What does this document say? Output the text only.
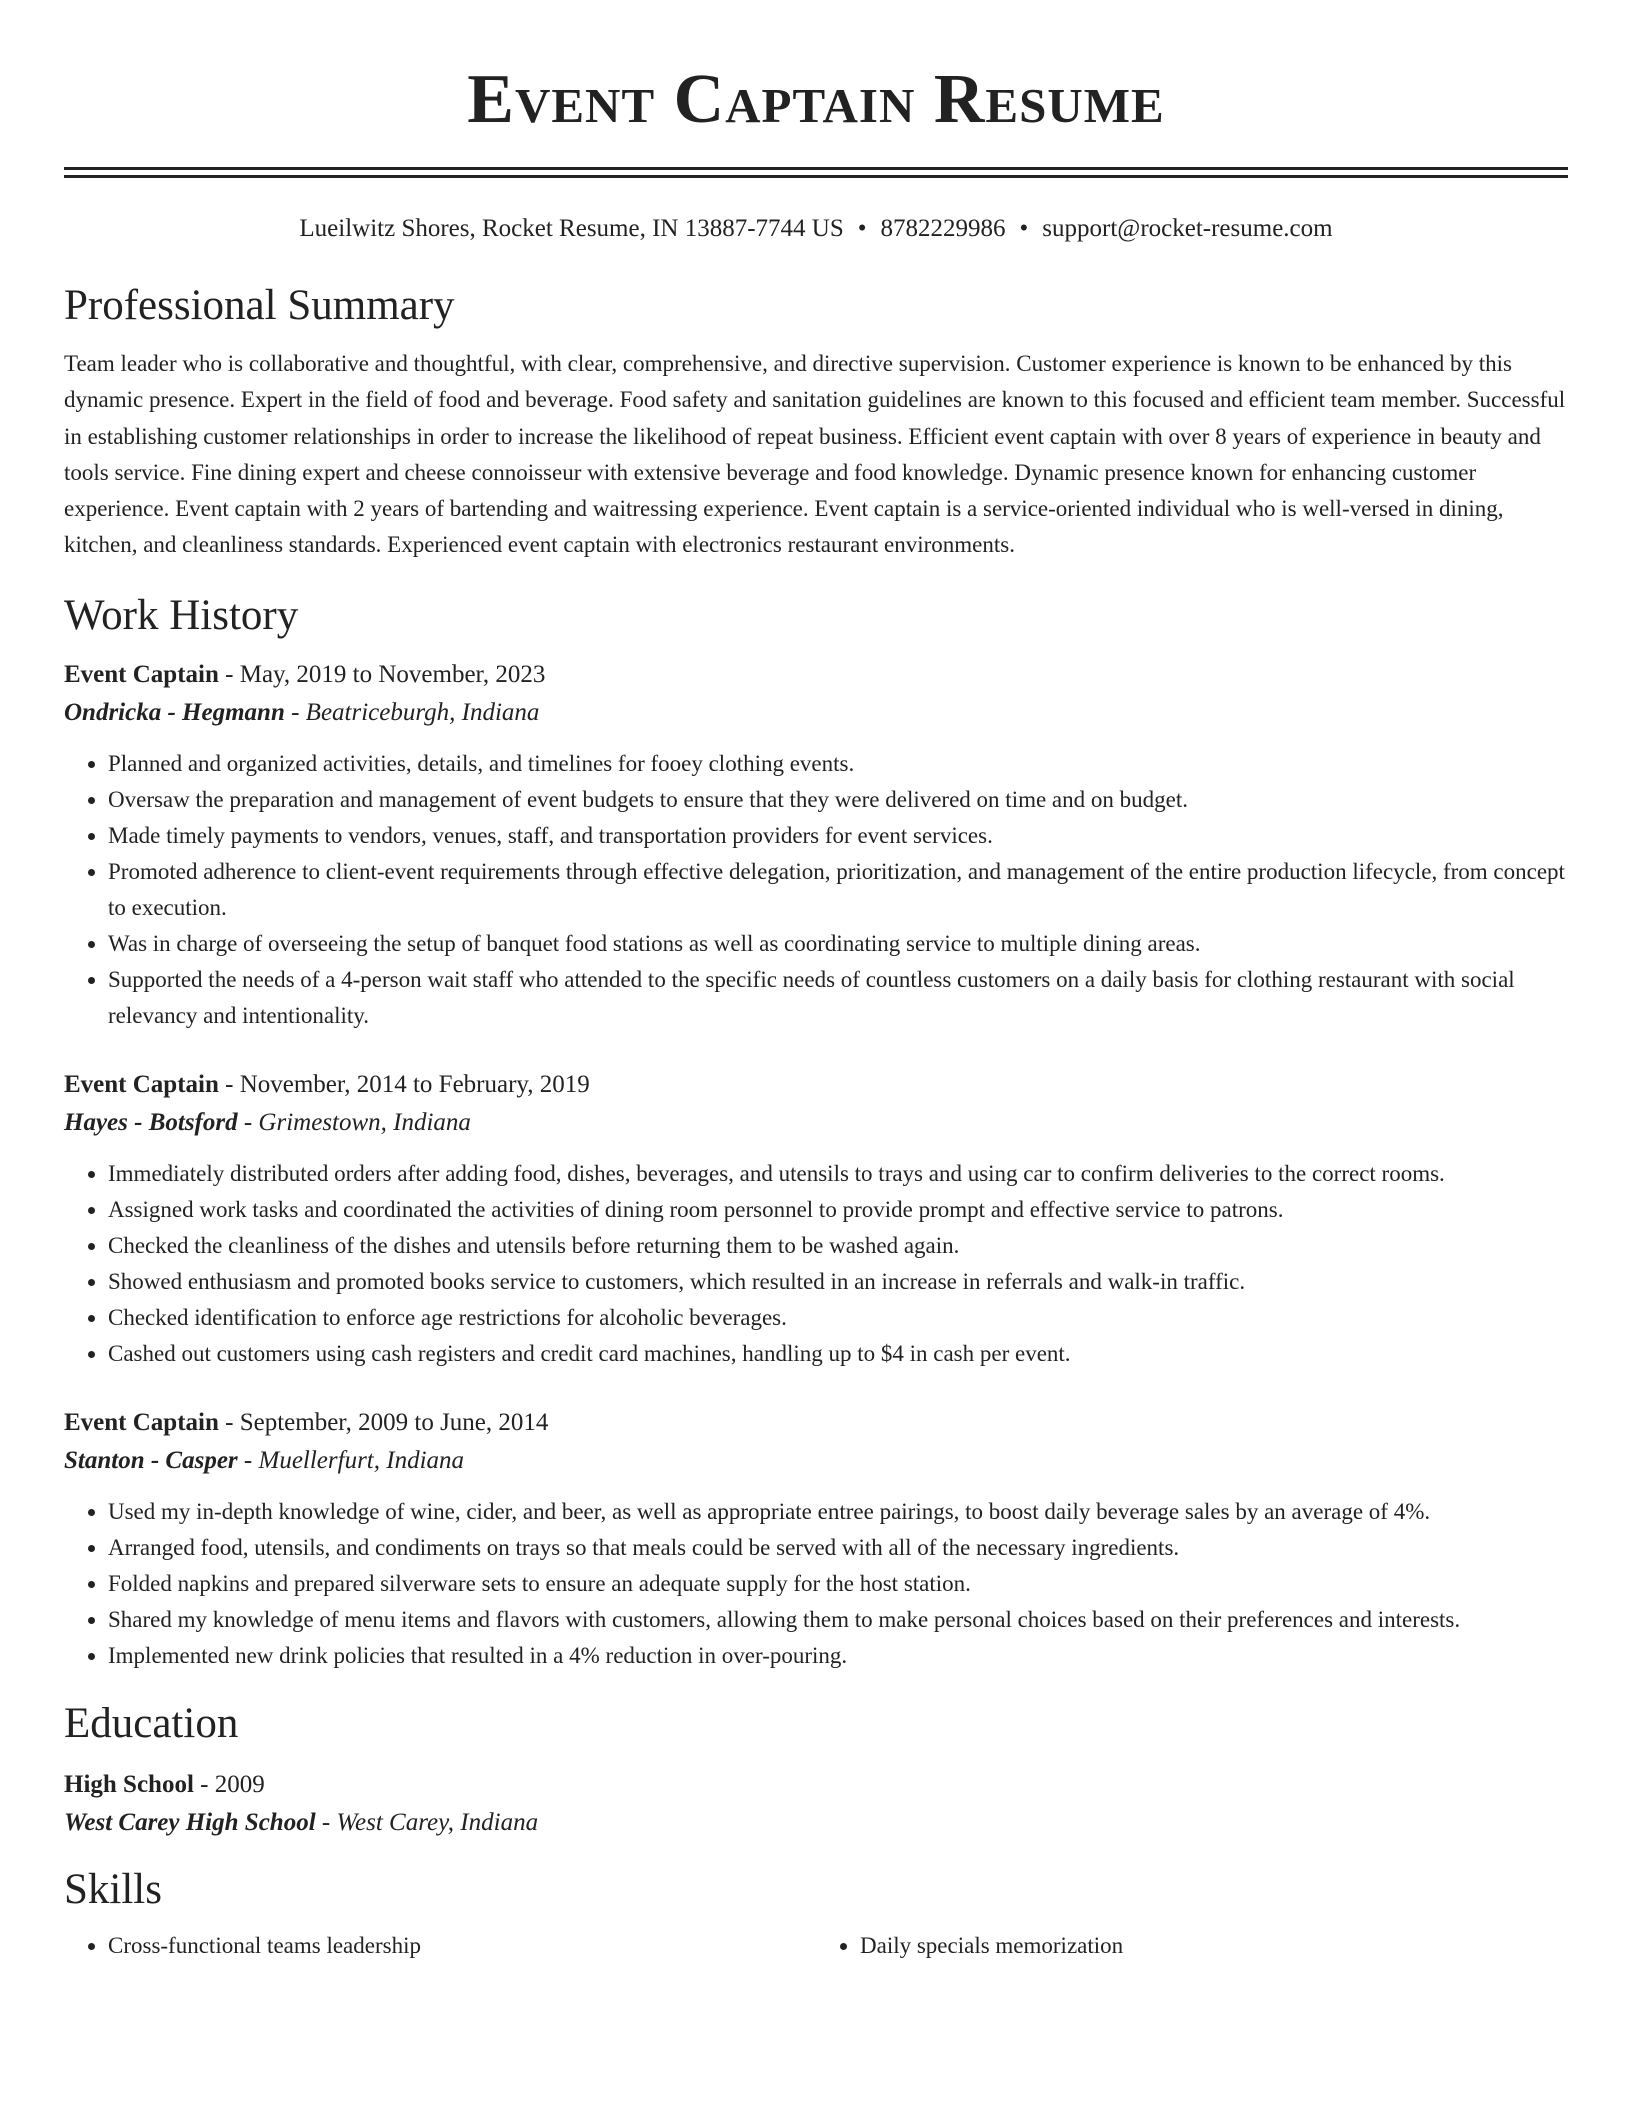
Event Captain Resume
Lueilwitz Shores, Rocket Resume, IN 13887-7744 US • 8782229986 • support@rocket-resume.com
Professional Summary

Team leader who is collaborative and thoughtful, with clear, comprehensive, and directive supervision. Customer experience is known to be enhanced by this dynamic presence. Expert in the field of food and beverage. Food safety and sanitation guidelines are known to this focused and efficient team member. Successful in establishing customer relationships in order to increase the likelihood of repeat business. Efficient event captain with over 8 years of experience in beauty and tools service. Fine dining expert and cheese connoisseur with extensive beverage and food knowledge. Dynamic presence known for enhancing customer experience. Event captain with 2 years of bartending and waitressing experience. Event captain is a service-oriented individual who is well-versed in dining, kitchen, and cleanliness standards. Experienced event captain with electronics restaurant environments.

Work History
Event Captain - May, 2019 to November, 2023
Ondricka - Hegmann - Beatriceburgh, Indiana
• Planned and organized activities, details, and timelines for fooey clothing events.
• Oversaw the preparation and management of event budgets to ensure that they were delivered on time and on budget.
• Made timely payments to vendors, venues, staff, and transportation providers for event services.
• Promoted adherence to client-event requirements through effective delegation, prioritization, and management of the entire production lifecycle, from concept to execution.
• Was in charge of overseeing the setup of banquet food stations as well as coordinating service to multiple dining areas.
• Supported the needs of a 4-person wait staff who attended to the specific needs of countless customers on a daily basis for clothing restaurant with social relevancy and intentionality.
Event Captain - November, 2014 to February, 2019
Hayes - Botsford - Grimestown, Indiana
• Immediately distributed orders after adding food, dishes, beverages, and utensils to trays and using car to confirm deliveries to the correct rooms.
• Assigned work tasks and coordinated the activities of dining room personnel to provide prompt and effective service to patrons.
• Checked the cleanliness of the dishes and utensils before returning them to be washed again.
• Showed enthusiasm and promoted books service to customers, which resulted in an increase in referrals and walk-in traffic.
• Checked identification to enforce age restrictions for alcoholic beverages.
• Cashed out customers using cash registers and credit card machines, handling up to $4 in cash per event.
Event Captain - September, 2009 to June, 2014
Stanton - Casper - Muellerfurt, Indiana
• Used my in-depth knowledge of wine, cider, and beer, as well as appropriate entree pairings, to boost daily beverage sales by an average of 4%.
• Arranged food, utensils, and condiments on trays so that meals could be served with all of the necessary ingredients.
• Folded napkins and prepared silverware sets to ensure an adequate supply for the host station.
• Shared my knowledge of menu items and flavors with customers, allowing them to make personal choices based on their preferences and interests.
• Implemented new drink policies that resulted in a 4% reduction in over-pouring.
Education
High School - 2009
West Carey High School - West Carey, Indiana
Skills
• Cross-functional teams leadership
•	Daily specials memorization
